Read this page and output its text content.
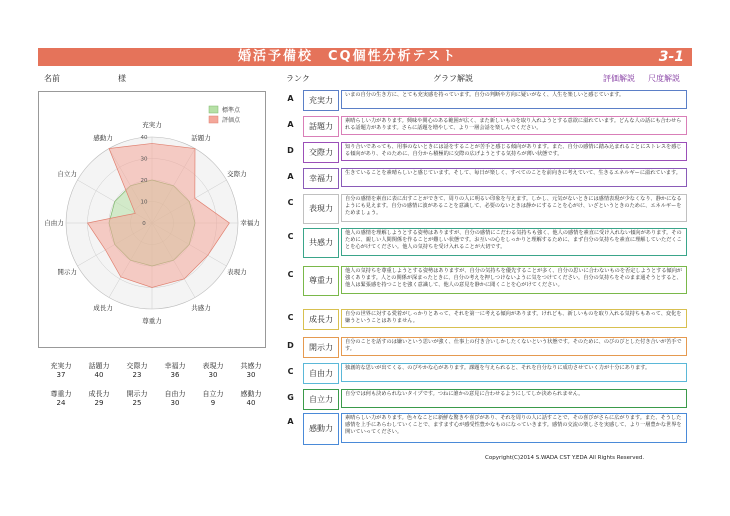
婚活予備校　CQ個性分析テスト	3-1
名前	様	ランク	グラフ解説	評価解説 尺度解説
標準点
評価点
0
10
20
30
40
充実力
話題力
交際力
幸福力
表現力
共感力
尊重力
成長力
開示力
自由力
自立力
感動力
充実力
37
話題力
40
交際力
23
幸福力
36
表現力
30
共感力
30
尊重力
24
成長力
29
開示力
25
自由力
30
自立力
9
感動力
40
A	充実力
いまの自分の生き方に、とても充実感を持っています。自分の判断や方向に疑いがなく、人生を楽しいと感じています。
A	話題力
素晴らしい力があります。興味や関心のある範囲が広く、また新しいものを取り入れようとする意欲に溢れています。どんな人の話にも合わせられる話題力があります。さらに話題を増やして、より一層会話を楽しんでください。
D	交際力
知り合いであっても、用事のないときには話をすることが苦手と感じる傾向があります。また、自分の感情に踏み込まれることにストレスを感じる傾向があり、そのために、自分から積極的に交際の広げようとする気持ちが薄い状態です。
A	幸福力
生きていることを素晴らしいと感じています。そして、毎日が楽しく、すべてのことを前向きに考えていて、生きるエネルギーに溢れています。
C
表現力
自分の感情を素直に表に出すことができて、周りの人に明るい印象を与えます。しかし、元気がないときには感情表現が少なくなり、静かになるようにも見えます。自分の感情に波があることを意識して、必要のないときは静かにすることを心がけ、いざというときのために、エネルギーをためましょう。
C
共感力
他人の感情を理解しようとする姿勢はありますが、自分の感情にこだわる気持ちも強く、他人の感情を素直に受け入れない傾向があります。そのために、親しい人間関係を作ることが難しい状態です。お互いの心をしっかりと理解するために、まず自分の気持ちを素直に理解していただくことを心がけてください。他人の気持ちを受け入れることが大切です。
C
尊重力
他人の気持ちを尊重しようとする姿勢はありますが、自分の気持ちを優先することが多く、自分の思いに合わないものを否定しようとする傾向が強くあります。人との関係が深まったときに、自分の考えを押しつけないように気をつけてください。自分の気持ちをそのまま通そうとすると、他人は緊張感を持つことを強く意識して、他人の意見を静かに聞くことを心がけてください。
C	成長力
自分の世界に対する愛着がしっかりとあって、それを第一に考える傾向があります。けれども、新しいものを取り入れる気持ちもあって、変化を嫌うということはありません。
D	開示力
自分のことを話すのは嫌いという思いが強く、仕事上の付き合いしかしたくないという状態です。そのために、のびのびとした付き合いが苦手です。
C	自由力
独創的な思いが出てくる、のびやかな心があります。課題を与えられると、それを自分なりに成功させていく力が十分にあります。
G	自立力
自分では何も決められないタイプです。つねに誰かの意見に合わせるようにしてしか決められません。
A
感動力
素晴らしい力があります。色々なことに新鮮な驚きや喜びがあり、それを周りの人に話すことで、その喜びがさらに広がります。また、そうした感情を上手にあらわしていくことで、ますます心が感受性豊かなものになっていきます。感情の交流の楽しさを実感して、より一層豊かな世界を開いていってください。
Copyright(C)2014 S.WADA CST Y.EDA All Rights Reserved.
